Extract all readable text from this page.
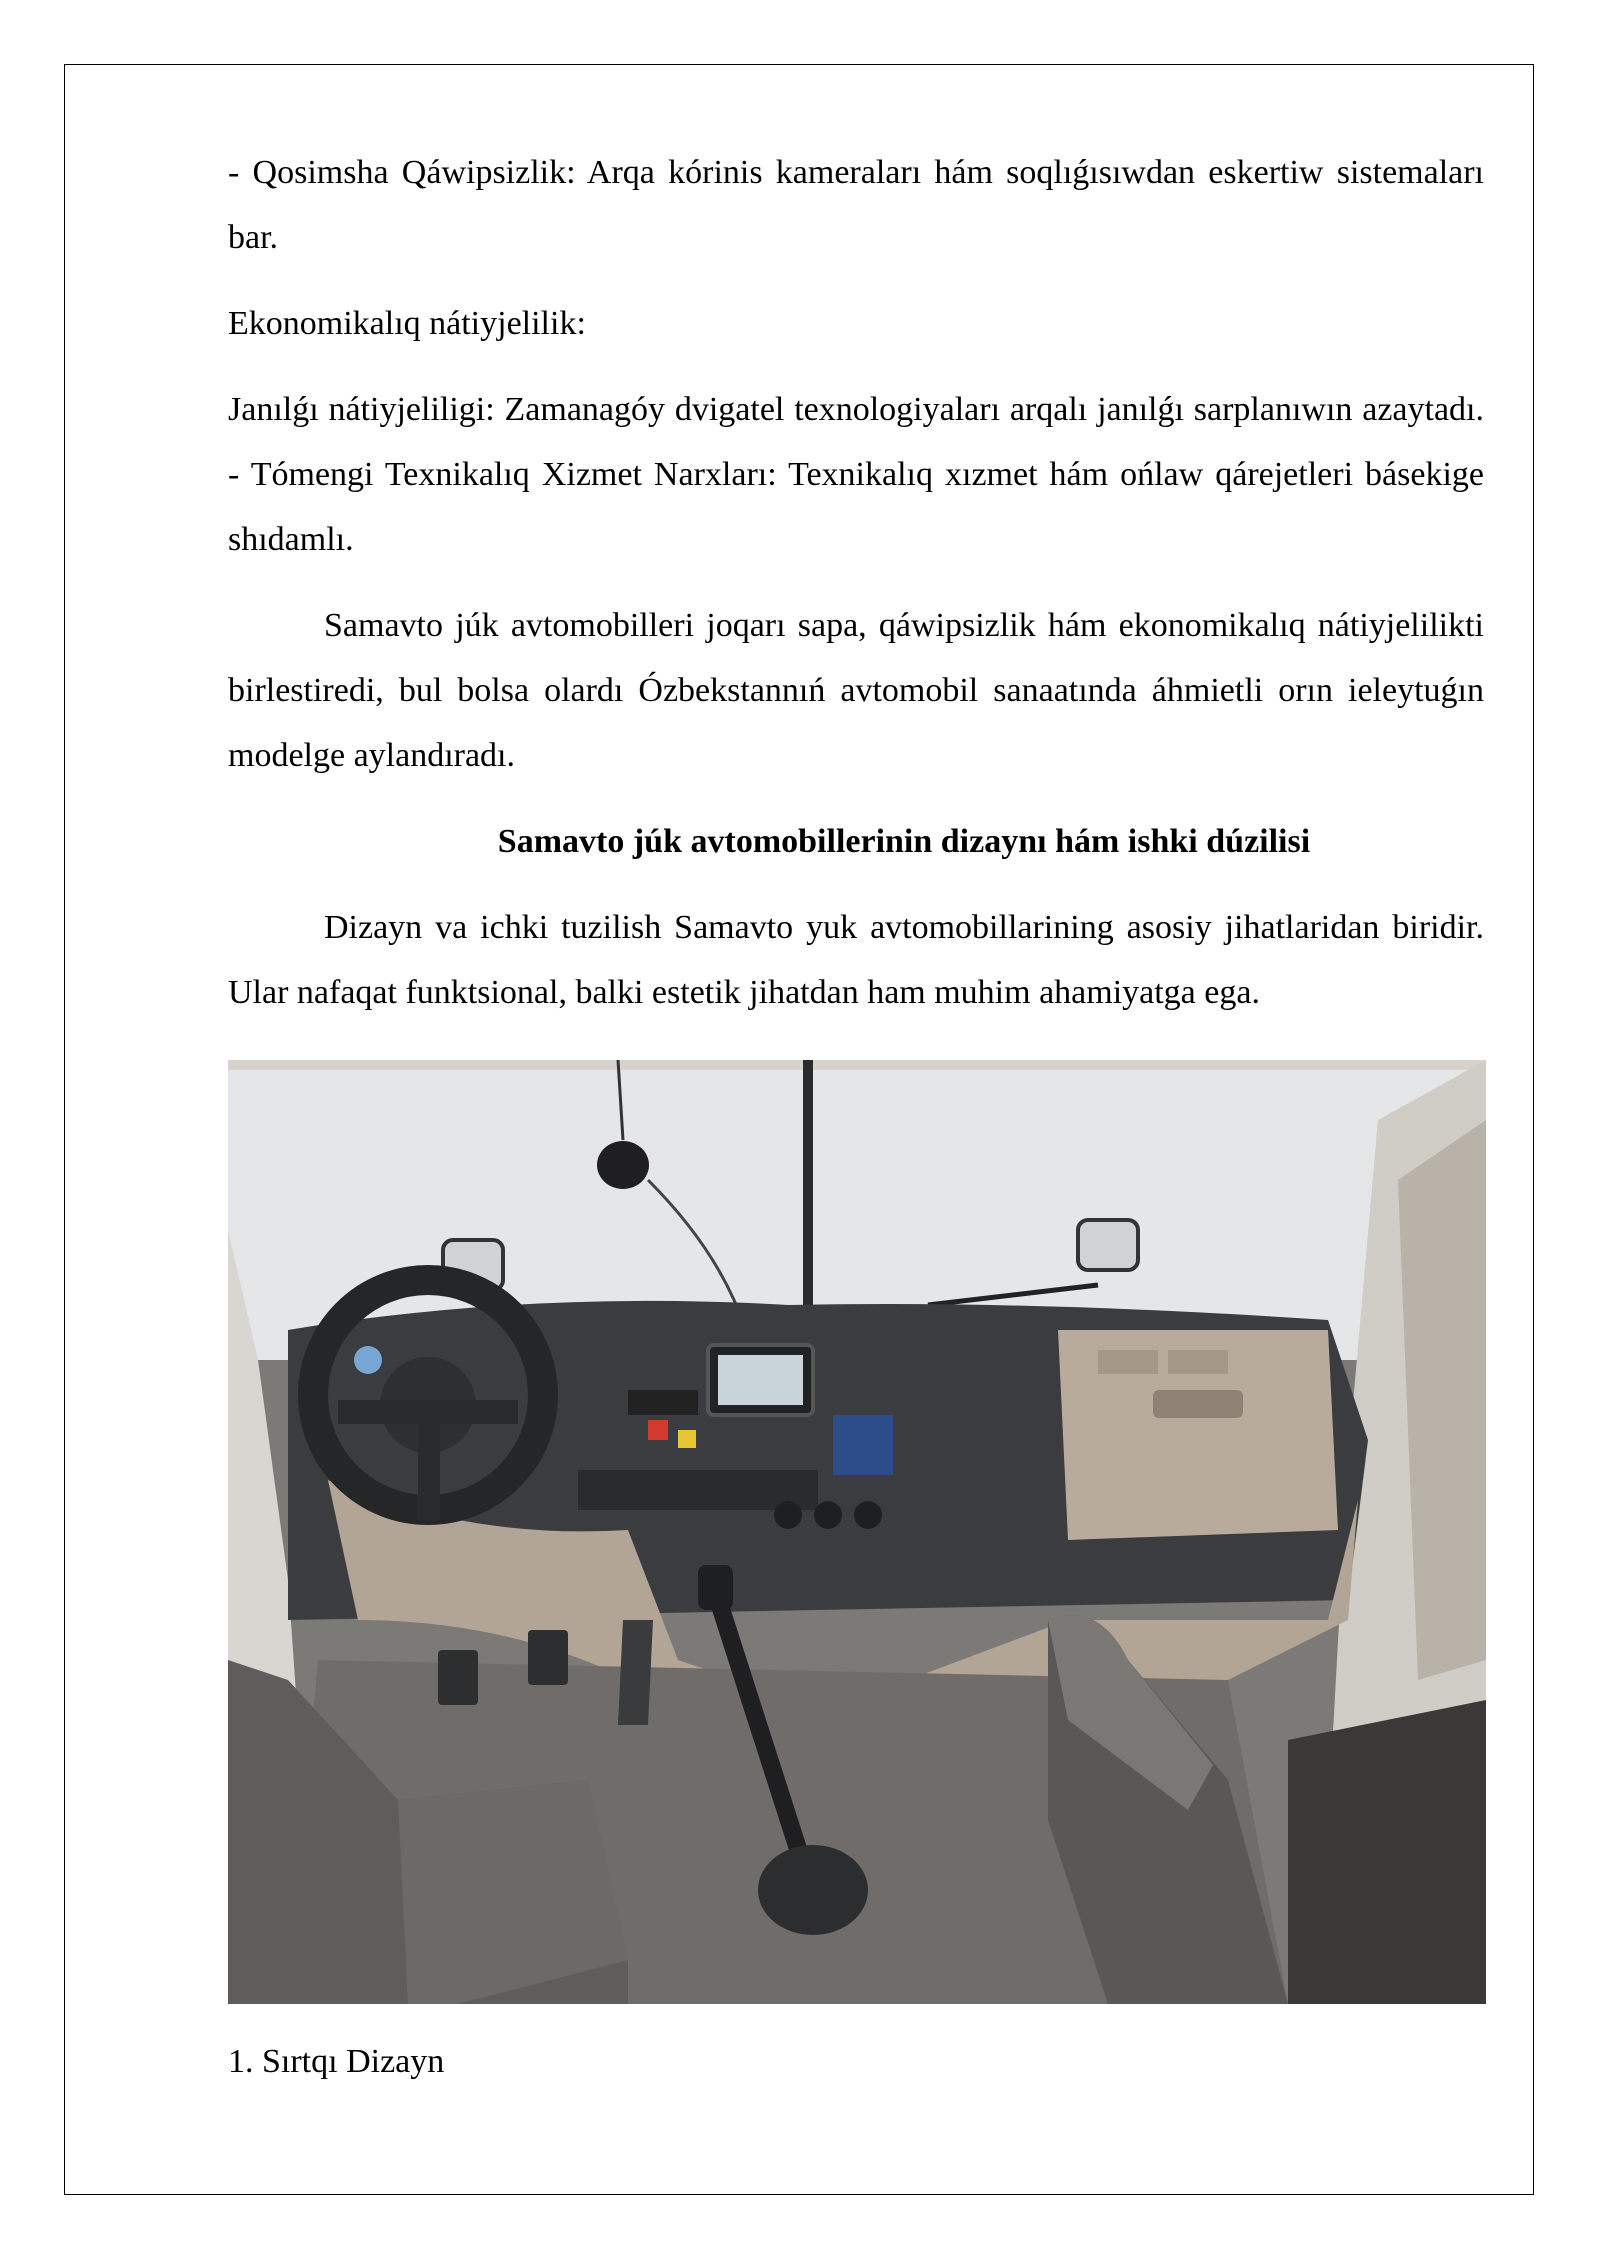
- Qosimsha Qáwipsizlik: Arqa kórinis kameraları hám soqlıǵısıwdan eskertiw sistemaları bar.

Ekonomikalıq nátiyjelilik:

Janılǵı nátiyjeliligi: Zamanagóy dvigatel texnologiyaları arqalı janılǵı sarplanıwın azaytadı. - Tómengi Texnikalıq Xizmet Narxları: Texnikalıq xızmet hám ońlaw qárejetleri básekige shıdamlı.

Samavto júk avtomobilleri joqarı sapa, qáwipsizlik hám ekonomikalıq nátiyjelilikti birlestiredi, bul bolsa olardı Ózbekstannıń avtomobil sanaatında áhmietli orın ieleytuǵın modelge aylandıradı.

Samavto júk avtomobillerinin dizaynı hám ishki dúzilisi

Dizayn va ichki tuzilish Samavto yuk avtomobillarining asosiy jihatlaridan biridir. Ular nafaqat funktsional, balki estetik jihatdan ham muhim ahamiyatga ega.

1. Sırtqı Dizayn
